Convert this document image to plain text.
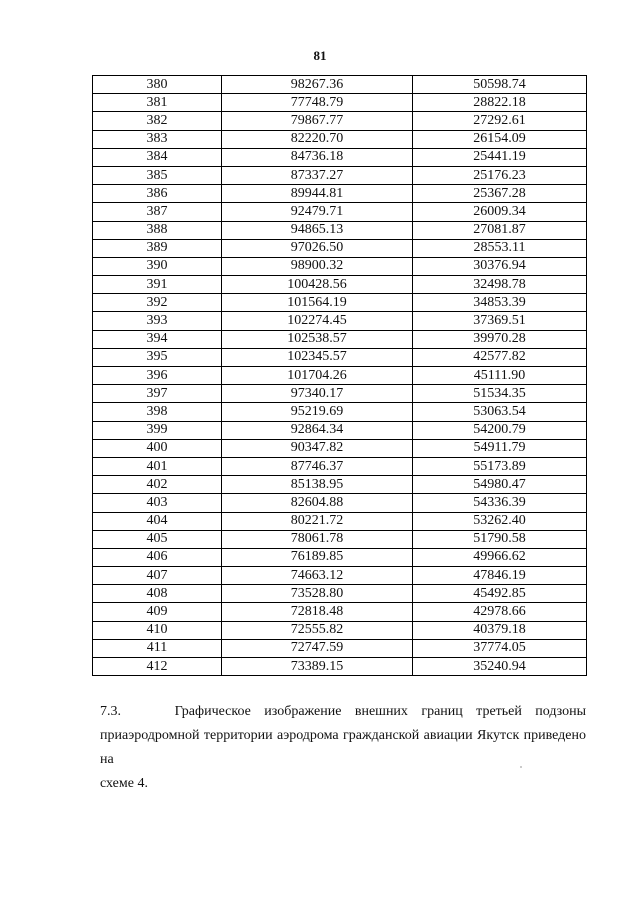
81
380	98267.36	50598.74
381	77748.79	28822.18
382	79867.77	27292.61
383	82220.70	26154.09
384	84736.18	25441.19
385	87337.27	25176.23
386	89944.81	25367.28
387	92479.71	26009.34
388	94865.13	27081.87
389	97026.50	28553.11
390	98900.32	30376.94
391	100428.56	32498.78
392	101564.19	34853.39
393	102274.45	37369.51
394	102538.57	39970.28
395	102345.57	42577.82
396	101704.26	45111.90
397	97340.17	51534.35
398	95219.69	53063.54
399	92864.34	54200.79
400	90347.82	54911.79
401	87746.37	55173.89
402	85138.95	54980.47
403	82604.88	54336.39
404	80221.72	53262.40
405	78061.78	51790.58
406	76189.85	49966.62
407	74663.12	47846.19
408	73528.80	45492.85
409	72818.48	42978.66
410	72555.82	40379.18
411	72747.59	37774.05
412	73389.15	35240.94
7.3.    Графическое изображение внешних границ третьей подзоны
приаэродромной территории аэродрома гражданской авиации Якутск приведено на
схеме 4.
